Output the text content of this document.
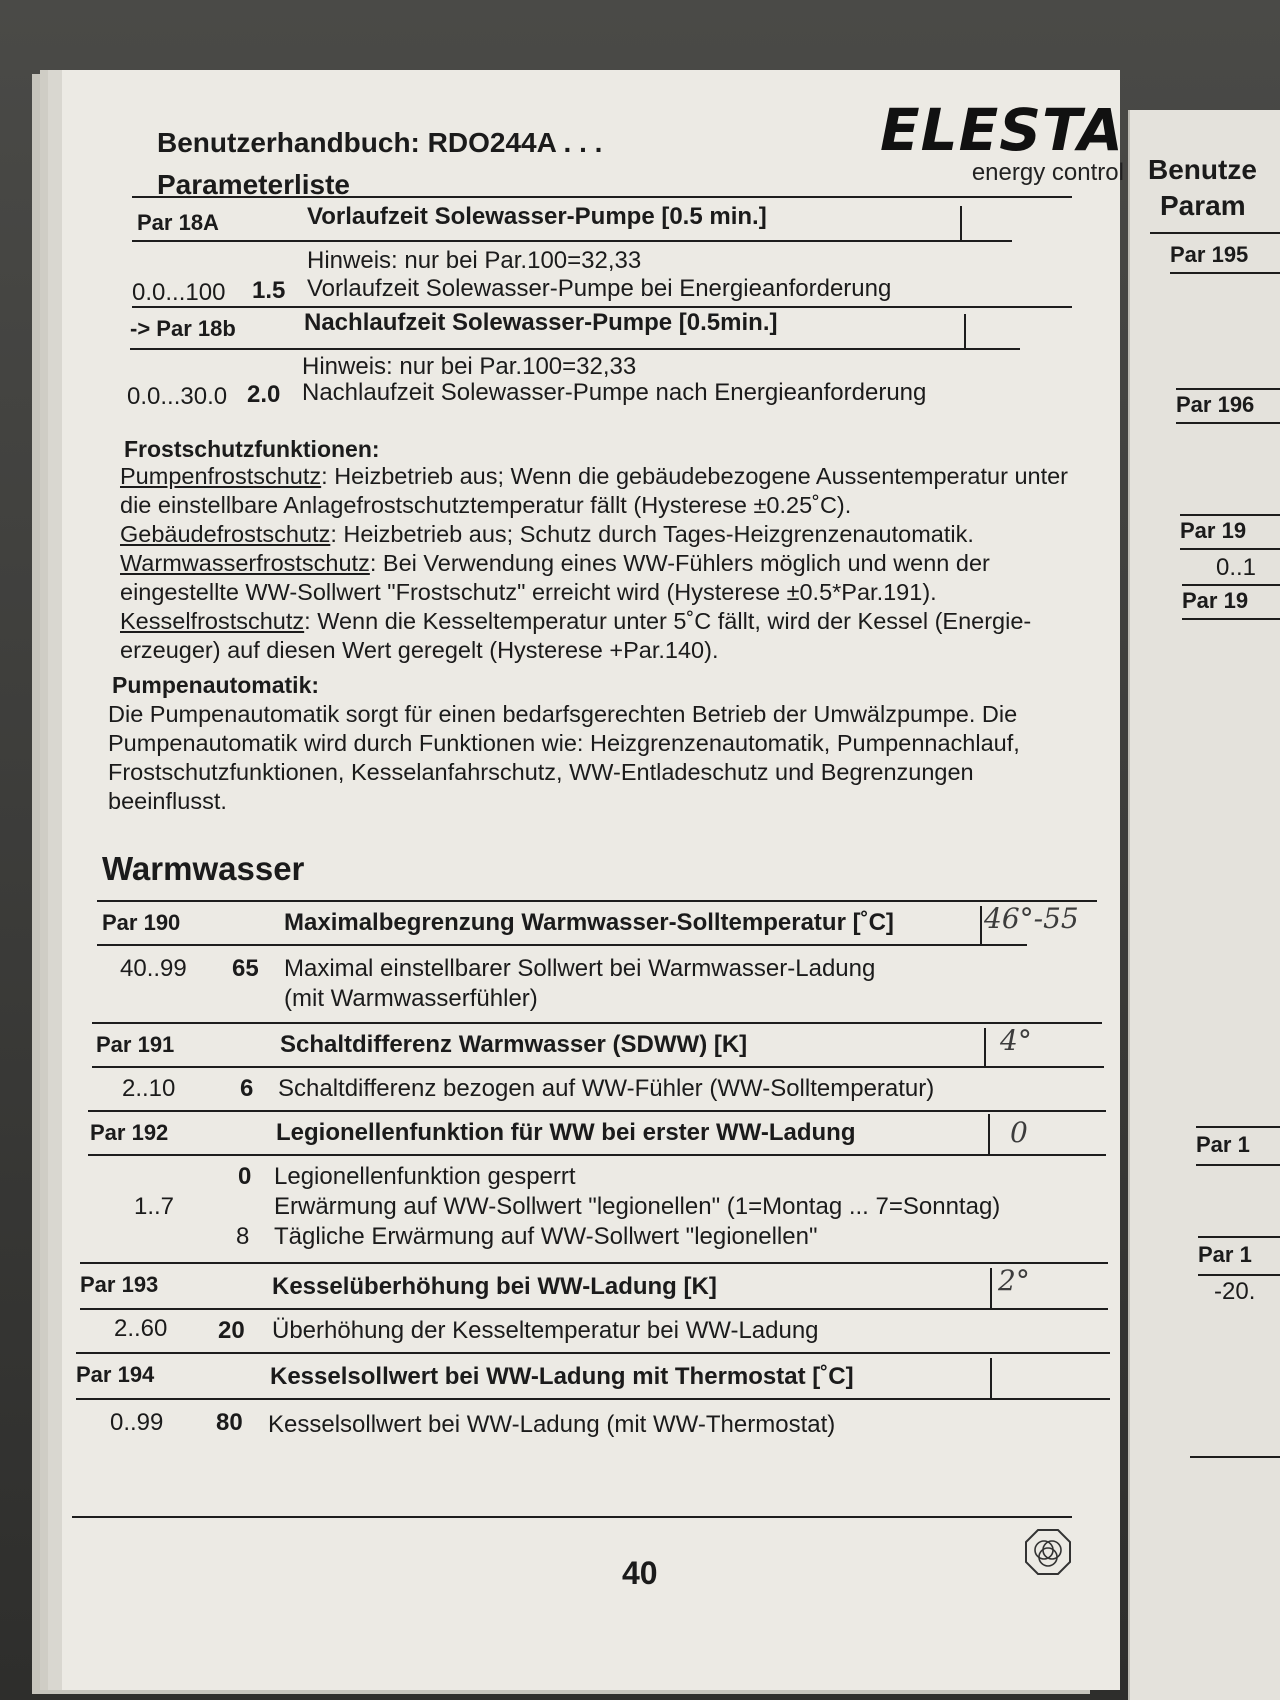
Benutzerhandbuch: RDO244A . . .
Parameterliste
ELESTA
energy control
Par 18A	Vorlaufzeit Solewasser-Pumpe [0.5 min.]
Hinweis: nur bei Par.100=32,33
0.0...100 1.5 Vorlaufzeit Solewasser-Pumpe bei Energieanforderung
-> Par 18b	Nachlaufzeit Solewasser-Pumpe [0.5min.]
Hinweis: nur bei Par.100=32,33
0.0...30.0 2.0 Nachlaufzeit Solewasser-Pumpe nach Energieanforderung
Frostschutzfunktionen:
Pumpenfrostschutz: Heizbetrieb aus; Wenn die gebäudebezogene Aussentemperatur unter die einstellbare Anlagefrostschutztemperatur fällt (Hysterese ±0.25˚C).
Gebäudefrostschutz: Heizbetrieb aus; Schutz durch Tages-Heizgrenzenautomatik.
Warmwasserfrostschutz: Bei Verwendung eines WW-Fühlers möglich und wenn der eingestellte WW-Sollwert "Frostschutz" erreicht wird (Hysterese ±0.5*Par.191).
Kesselfrostschutz: Wenn die Kesseltemperatur unter 5˚C fällt, wird der Kessel (Energie-erzeuger) auf diesen Wert geregelt (Hysterese +Par.140).
Pumpenautomatik:
Die Pumpenautomatik sorgt für einen bedarfsgerechten Betrieb der Umwälzpumpe. Die Pumpenautomatik wird durch Funktionen wie: Heizgrenzenautomatik, Pumpennachlauf, Frostschutzfunktionen, Kesselanfahrschutz, WW-Entladeschutz und Begrenzungen beeinflusst.
Warmwasser
Par 190	Maximalbegrenzung Warmwasser-Solltemperatur [˚C]	46°-55
40..99 65 Maximal einstellbarer Sollwert bei Warmwasser-Ladung
(mit Warmwasserfühler)
Par 191	Schaltdifferenz Warmwasser (SDWW) [K]	4°
2..10	6 Schaltdifferenz bezogen auf WW-Fühler (WW-Solltemperatur)
Par 192	Legionellenfunktion für WW bei erster WW-Ladung	0
0 Legionellenfunktion gesperrt
1..7	Erwärmung auf WW-Sollwert "legionellen" (1=Montag ... 7=Sonntag)
8 Tägliche Erwärmung auf WW-Sollwert "legionellen"
Par 193	Kesselüberhöhung bei WW-Ladung [K]	2°
2..60 20 Überhöhung der Kesseltemperatur bei WW-Ladung
Par 194	Kesselsollwert bei WW-Ladung mit Thermostat [˚C]
0..99 80 Kesselsollwert bei WW-Ladung (mit WW-Thermostat)
40
Benutze
Param
Par 195
Par 196
Par 19
0..1
Par 19
Par 1
Par 1
-20.
